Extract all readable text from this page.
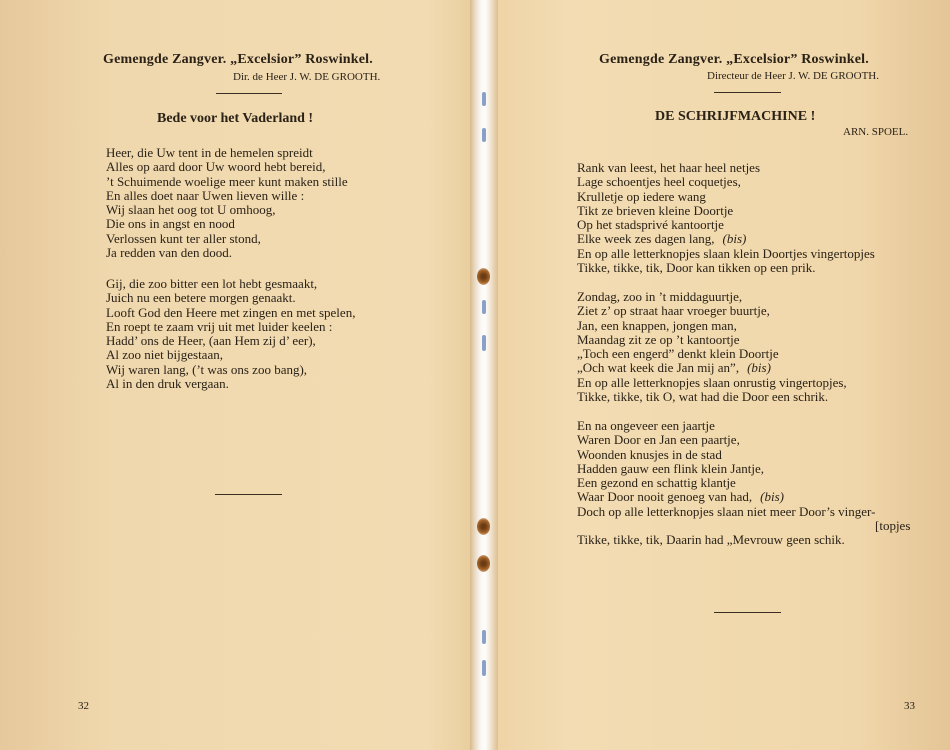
Gemengde Zangver. „Excelsior” Roswinkel.
Dir. de Heer J. W. DE GROOTH.
Bede voor het Vaderland !
Heer, die Uw tent in de hemelen spreidt
Alles op aard door Uw woord hebt bereid,
’t Schuimende woelige meer kunt maken stille
En alles doet naar Uwen lieven wille :
Wij slaan het oog tot U omhoog,
Die ons in angst en nood
Verlossen kunt ter aller stond,
Ja redden van den dood.
Gij, die zoo bitter een lot hebt gesmaakt,
Juich nu een betere morgen genaakt.
Looft God den Heere met zingen en met spelen,
En roept te zaam vrij uit met luider keelen :
Hadd’ ons de Heer, (aan Hem zij d’ eer),
Al zoo niet bijgestaan,
Wij waren lang, (’t was ons zoo bang),
Al in den druk vergaan.
32
Gemengde Zangver. „Excelsior” Roswinkel.
Directeur de Heer J. W. DE GROOTH.
DE SCHRIJFMACHINE !
ARN. SPOEL.
Rank van leest, het haar heel netjes
Lage schoentjes heel coquetjes,
Krulletje op iedere wang
Tikt ze brieven kleine Doortje
Op het stadsprivé kantoortje
Elke week zes dagen lang, (bis)
En op alle letterknopjes slaan klein Doortjes vingertopjes
Tikke, tikke, tik, Door kan tikken op een prik.
Zondag, zoo in ’t middaguurtje,
Ziet z’ op straat haar vroeger buurtje,
Jan, een knappen, jongen man,
Maandag zit ze op ’t kantoortje
„Toch een engerd” denkt klein Doortje
„Och wat keek die Jan mij an”, (bis)
En op alle letterknopjes slaan onrustig vingertopjes,
Tikke, tikke, tik O, wat had die Door een schrik.
En na ongeveer een jaartje
Waren Door en Jan een paartje,
Woonden knusjes in de stad
Hadden gauw een flink klein Jantje,
Een gezond en schattig klantje
Waar Door nooit genoeg van had, (bis)
Doch op alle letterknopjes slaan niet meer Door’s vinger-
[topjes
Tikke, tikke, tik, Daarin had „Mevrouw geen schik.
33
